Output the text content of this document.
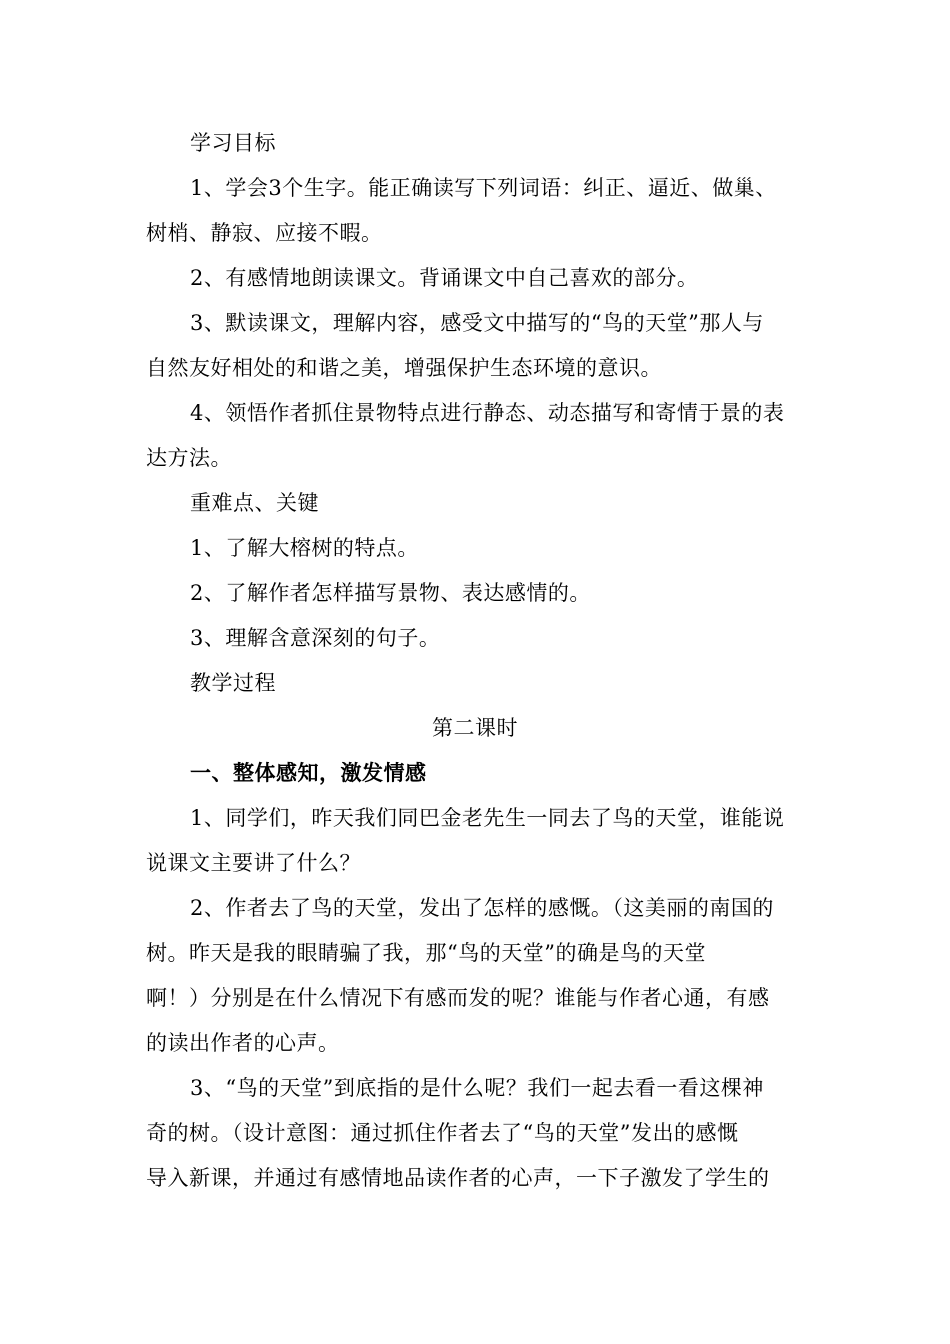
学习目标
1、学会3个生字。能正确读写下列词语：纠正、逼近、做巢、
树梢、静寂、应接不暇。
2、有感情地朗读课文。背诵课文中自己喜欢的部分。
3、默读课文，理解内容，感受文中描写的“鸟的天堂”那人与
自然友好相处的和谐之美，增强保护生态环境的意识。
4、领悟作者抓住景物特点进行静态、动态描写和寄情于景的表
达方法。
重难点、关键
1、了解大榕树的特点。
2、了解作者怎样描写景物、表达感情的。
3、理解含意深刻的句子。
教学过程
第二课时
一、整体感知，激发情感
1、同学们，昨天我们同巴金老先生一同去了鸟的天堂，谁能说
说课文主要讲了什么？
2、作者去了鸟的天堂，发出了怎样的感慨。（这美丽的南国的
树。昨天是我的眼睛骗了我，那“鸟的天堂”的确是鸟的天堂
啊！）分别是在什么情况下有感而发的呢？谁能与作者心通，有感
的读出作者的心声。
3、“鸟的天堂”到底指的是什么呢？我们一起去看一看这棵神
奇的树。（设计意图：通过抓住作者去了“鸟的天堂”发出的感慨
导入新课，并通过有感情地品读作者的心声，一下子激发了学生的
